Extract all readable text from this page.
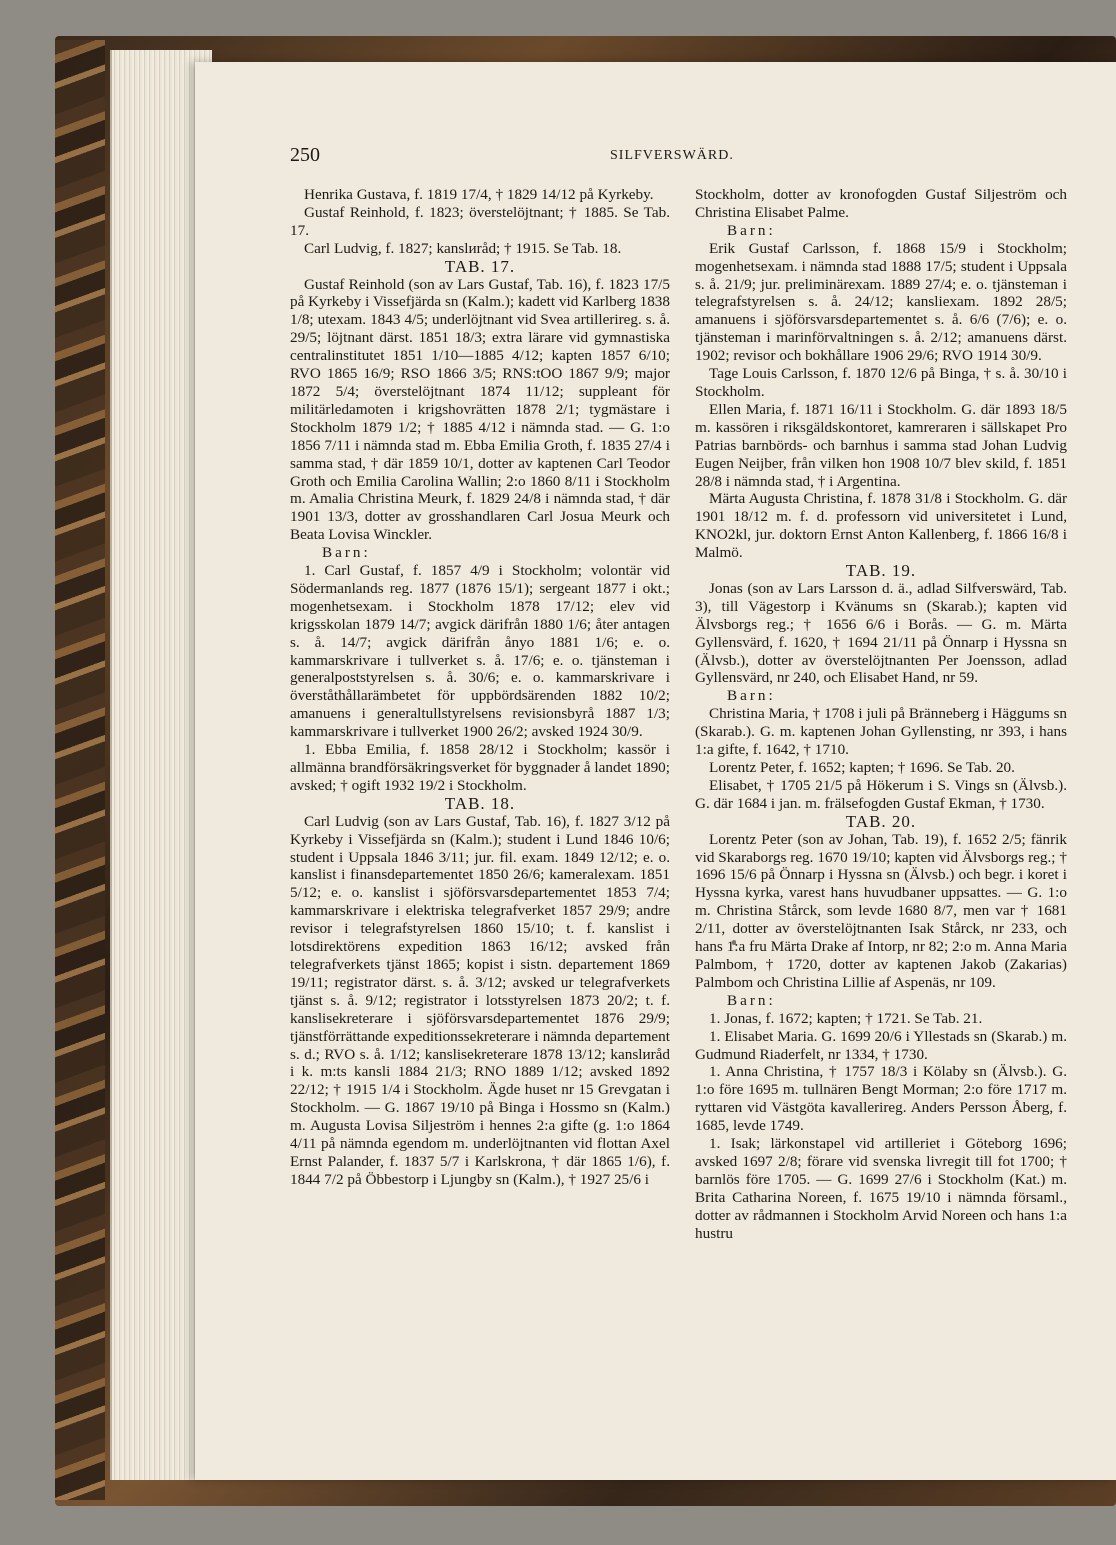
250	SILFVERSWÄRD.

Henrika Gustava, f. 1819 17/4, † 1829 14/12 på Kyrkeby.

Gustaf Reinhold, f. 1823; överstelöjtnant; † 1885. Se Tab. 17.

Carl Ludvig, f. 1827; kanslиråd; † 1915. Se Tab. 18.

TAB. 17.

Gustaf Reinhold (son av Lars Gustaf, Tab. 16), f. 1823 17/5 på Kyrkeby i Vissefjärda sn (Kalm.); kadett vid Karlberg 1838 1/8; utexam. 1843 4/5; underlöjtnant vid Svea artillerireg. s. å. 29/5; löjtnant därst. 1851 18/3; extra lärare vid gymnastiska centralinstitutet 1851 1/10—1885 4/12; kapten 1857 6/10; RVO 1865 16/9; RSO 1866 3/5; RNS:tOO 1867 9/9; major 1872 5/4; överstelöjtnant 1874 11/12; suppleant för militärledamoten i krigshovrätten 1878 2/1; tygmästare i Stockholm 1879 1/2; † 1885 4/12 i nämnda stad. — G. 1:o 1856 7/11 i nämnda stad m. Ebba Emilia Groth, f. 1835 27/4 i samma stad, † där 1859 10/1, dotter av kaptenen Carl Teodor Groth och Emilia Carolina Wallin; 2:o 1860 8/11 i Stockholm m. Amalia Christina Meurk, f. 1829 24/8 i nämnda stad, † där 1901 13/3, dotter av grosshandlaren Carl Josua Meurk och Beata Lovisa Winckler.

Barn:

1. Carl Gustaf, f. 1857 4/9 i Stockholm; volontär vid Södermanlands reg. 1877 (1876 15/1); sergeant 1877 i okt.; mogenhetsexam. i Stockholm 1878 17/12; elev vid krigsskolan 1879 14/7; avgick därifrån 1880 1/6; åter antagen s. å. 14/7; avgick därifrån ånyo 1881 1/6; e. o. kammarskrivare i tullverket s. å. 17/6; e. o. tjänsteman i generalpoststyrelsen s. å. 30/6; e. o. kammarskrivare i överståthållarämbetet för uppbördsärenden 1882 10/2; amanuens i generaltullstyrelsens revisionsbyrå 1887 1/3; kammarskrivare i tullverket 1900 26/2; avsked 1924 30/9.

1. Ebba Emilia, f. 1858 28/12 i Stockholm; kassör i allmänna brandförsäkringsverket för byggnader å landet 1890; avsked; † ogift 1932 19/2 i Stockholm.

TAB. 18.

Carl Ludvig (son av Lars Gustaf, Tab. 16), f. 1827 3/12 på Kyrkeby i Vissefjärda sn (Kalm.); student i Lund 1846 10/6; student i Uppsala 1846 3/11; jur. fil. exam. 1849 12/12; e. o. kanslist i finansdepartementet 1850 26/6; kameralexam. 1851 5/12; e. o. kanslist i sjöförsvarsdepartementet 1853 7/4; kammarskrivare i elektriska telegrafverket 1857 29/9; andre revisor i telegrafstyrelsen 1860 15/10; t. f. kanslist i lotsdirektörens expedition 1863 16/12; avsked från telegrafverkets tjänst 1865; kopist i sistn. departement 1869 19/11; registrator därst. s. å. 3/12; avsked ur telegrafverkets tjänst s. å. 9/12; registrator i lotsstyrelsen 1873 20/2; t. f. kanslisekreterare i sjöförsvarsdepartementet 1876 29/9; tjänstförrättande expeditionssekreterare i nämnda departement s. d.; RVO s. å. 1/12; kanslisekreterare 1878 13/12; kanslиråd i k. m:ts kansli 1884 21/3; RNO 1889 1/12; avsked 1892 22/12; † 1915 1/4 i Stockholm. Ägde huset nr 15 Grevgatan i Stockholm. — G. 1867 19/10 på Binga i Hossmo sn (Kalm.) m. Augusta Lovisa Siljeström i hennes 2:a gifte (g. 1:o 1864 4/11 på nämnda egendom m. underlöjtnanten vid flottan Axel Ernst Palander, f. 1837 5/7 i Karlskrona, † där 1865 1/6), f. 1844 7/2 på Öbbestorp i Ljungby sn (Kalm.), † 1927 25/6 i

Stockholm, dotter av kronofogden Gustaf Siljeström och Christina Elisabet Palme.

Barn:

Erik Gustaf Carlsson, f. 1868 15/9 i Stockholm; mogenhetsexam. i nämnda stad 1888 17/5; student i Uppsala s. å. 21/9; jur. preliminärexam. 1889 27/4; e. o. tjänsteman i telegrafstyrelsen s. å. 24/12; kansliexam. 1892 28/5; amanuens i sjöförsvarsdepartementet s. å. 6/6 (7/6); e. o. tjänsteman i marinförvaltningen s. å. 2/12; amanuens därst. 1902; revisor och bokhållare 1906 29/6; RVO 1914 30/9.

Tage Louis Carlsson, f. 1870 12/6 på Binga, † s. å. 30/10 i Stockholm.

Ellen Maria, f. 1871 16/11 i Stockholm. G. där 1893 18/5 m. kassören i riksgäldskontoret, kamreraren i sällskapet Pro Patrias barnbörds- och barnhus i samma stad Johan Ludvig Eugen Neijber, från vilken hon 1908 10/7 blev skild, f. 1851 28/8 i nämnda stad, † i Argentina.

Märta Augusta Christina, f. 1878 31/8 i Stockholm. G. där 1901 18/12 m. f. d. professorn vid universitetet i Lund, KNO2kl, jur. doktorn Ernst Anton Kallenberg, f. 1866 16/8 i Malmö.

TAB. 19.

Jonas (son av Lars Larsson d. ä., adlad Silfverswärd, Tab. 3), till Vägestorp i Kvänums sn (Skarab.); kapten vid Älvsborgs reg.; † 1656 6/6 i Borås. — G. m. Märta Gyllensvärd, f. 1620, † 1694 21/11 på Önnarp i Hyssna sn (Älvsb.), dotter av överstelöjtnanten Per Joensson, adlad Gyllensvärd, nr 240, och Elisabet Hand, nr 59.

Barn:

Christina Maria, † 1708 i juli på Bränneberg i Häggums sn (Skarab.). G. m. kaptenen Johan Gyllensting, nr 393, i hans 1:a gifte, f. 1642, † 1710.

Lorentz Peter, f. 1652; kapten; † 1696. Se Tab. 20.

Elisabet, † 1705 21/5 på Hökerum i S. Vings sn (Älvsb.). G. där 1684 i jan. m. frälsefogden Gustaf Ekman, † 1730.

TAB. 20.

Lorentz Peter (son av Johan, Tab. 19), f. 1652 2/5; fänrik vid Skaraborgs reg. 1670 19/10; kapten vid Älvsborgs reg.; † 1696 15/6 på Önnarp i Hyssna sn (Älvsb.) och begr. i koret i Hyssna kyrka, varest hans huvudbaner uppsattes. — G. 1:o m. Christina Stårck, som levde 1680 8/7, men var † 1681 2/11, dotter av överstelöjtnanten Isak Stårck, nr 233, och hans 1:a fru Märta Drake af Intorp, nr 82; 2:o m. Anna Maria Palmbom, † 1720, dotter av kaptenen Jakob (Zakarias) Palmbom och Christina Lillie af Aspenäs, nr 109.

Barn:

1. Jonas, f. 1672; kapten; † 1721. Se Tab. 21.

1. Elisabet Maria. G. 1699 20/6 i Yllestads sn (Skarab.) m. Gudmund Riaderfelt, nr 1334, † 1730.

1. Anna Christina, † 1757 18/3 i Kölaby sn (Älvsb.). G. 1:o före 1695 m. tullnären Bengt Morman; 2:o före 1717 m. ryttaren vid Västgöta kavallerireg. Anders Persson Åberg, f. 1685, levde 1749.

1. Isak; lärkonstapel vid artilleriet i Göteborg 1696; avsked 1697 2/8; förare vid svenska livregit till fot 1700; † barnlös före 1705. — G. 1699 27/6 i Stockholm (Kat.) m. Brita Catharina Noreen, f. 1675 19/10 i nämnda församl., dotter av rådmannen i Stockholm Arvid Noreen och hans 1:a hustru
